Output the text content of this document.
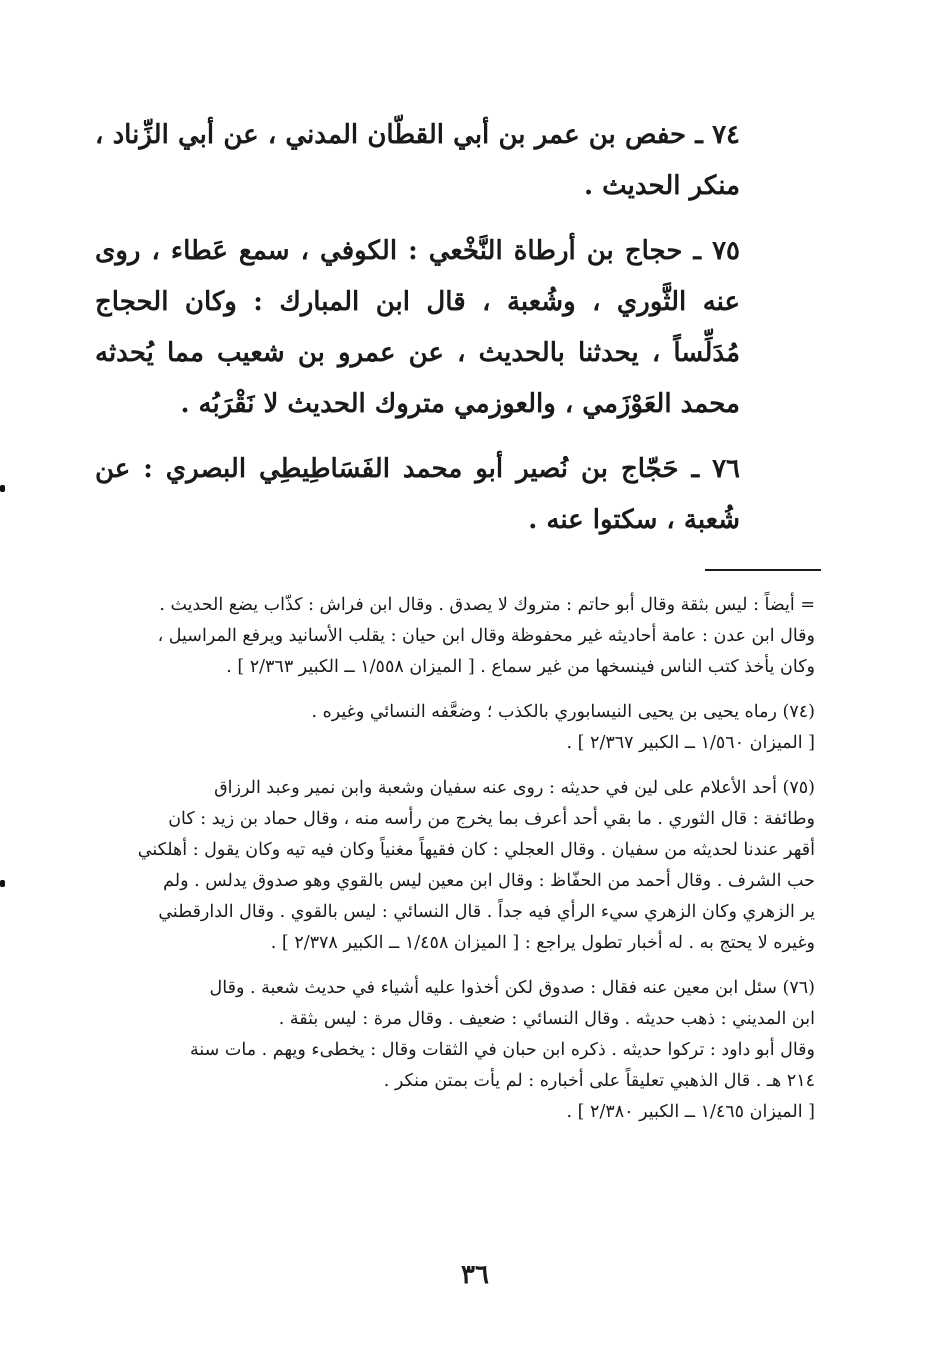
٧٤ ـ حفص بن عمر بن أبي القطّان المدني ، عن أبي الزِّناد ، منكر الحديث .

٧٥ ـ حجاج بن أرطاة النَّخْعي : الكوفي ، سمع عَطاء ، روى عنه الثَّوري ، وشُعبة ، قال ابن المبارك : وكان الحجاج مُدَلِّساً ، يحدثنا بالحديث ، عن عمرو بن شعيب مما يُحدثه محمد العَوْزَمي ، والعوزمي متروك الحديث لا نَقْرَبُه .

٧٦ ـ حَجّاج بن نُصير أبو محمد الفَسَاطِيطِي البصري : عن شُعبة ، سكتوا عنه .

= أيضاً : ليس بثقة وقال أبو حاتم : متروك لا يصدق . وقال ابن فراش : كذّاب يضع الحديث .

وقال ابن عدن : عامة أحاديثه غير محفوظة وقال ابن حيان : يقلب الأسانيد ويرفع المراسيل ،

وكان يأخذ كتب الناس فينسخها من غير سماع . [ الميزان ١/٥٥٨ ــ الكبير ٢/٣٦٣ ] .

(٧٤) رماه يحيى بن يحيى النيسابوري بالكذب ؛ وضعَّفه النسائي وغيره .

[ الميزان ١/٥٦٠ ــ الكبير ٢/٣٦٧ ] .

(٧٥) أحد الأعلام على لين في حديثه : روى عنه سفيان وشعبة وابن نمير وعبد الرزاق

وطائفة : قال الثوري . ما بقي أحد أعرف بما يخرج من رأسه منه ، وقال حماد بن زيد : كان

أقهر عندنا لحديثه من سفيان . وقال العجلي : كان فقيهاً مغنياً وكان فيه تيه وكان يقول : أهلكني

حب الشرف . وقال أحمد من الحفّاظ : وقال ابن معين ليس بالقوي وهو صدوق يدلس . ولم

ير الزهري وكان الزهري سيء الرأي فيه جداً . قال النسائي : ليس بالقوي . وقال الدارقطني

وغيره لا يحتج به . له أخبار تطول يراجع : [ الميزان ١/٤٥٨ ــ الكبير ٢/٣٧٨ ] .

(٧٦) سئل ابن معين عنه فقال : صدوق لكن أخذوا عليه أشياء في حديث شعبة . وقال

ابن المديني : ذهب حديثه . وقال النسائي : ضعيف . وقال مرة : ليس بثقة .

وقال أبو داود : تركوا حديثه . ذكره ابن حبان في الثقات وقال : يخطىء ويهم . مات سنة

٢١٤ هـ . قال الذهبي تعليقاً على أخباره : لم يأت بمتن منكر .

[ الميزان ١/٤٦٥ ــ الكبير ٢/٣٨٠ ] .

٣٦
